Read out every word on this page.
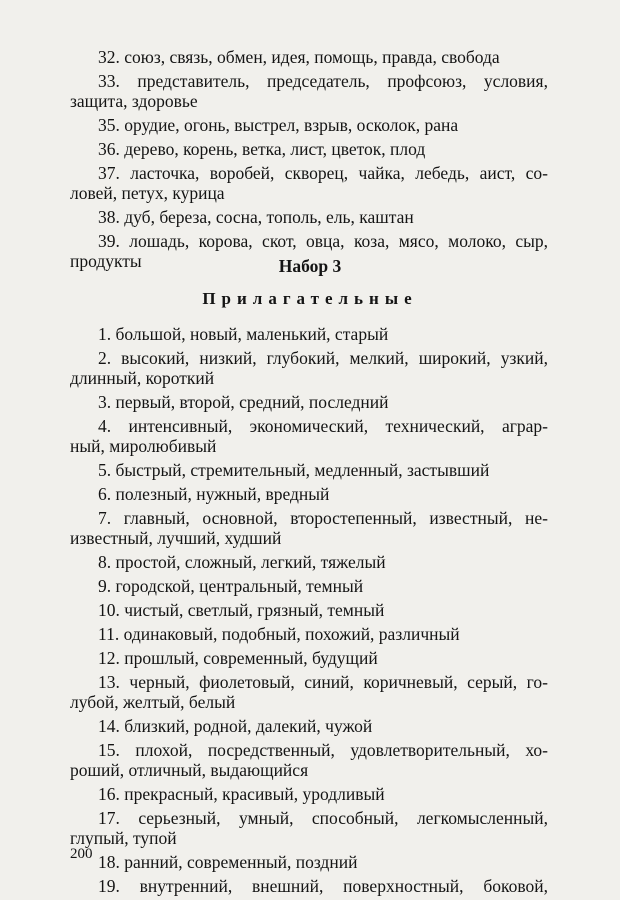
32. союз, связь, обмен, идея, помощь, правда, свобода
33. представитель, председатель, профсоюз, условия,
защита, здоровье
35. орудие, огонь, выстрел, взрыв, осколок, рана
36. дерево, корень, ветка, лист, цветок, плод
37. ласточка, воробей, скворец, чайка, лебедь, аист, со-
ловей, петух, курица
38. дуб, береза, сосна, тополь, ель, каштан
39. лошадь, корова, скот, овца, коза, мясо, молоко, сыр,
продукты	Набор 3
Прилагательные
1. большой, новый, маленький, старый
2. высокий, низкий, глубокий, мелкий, широкий, узкий,
длинный, короткий
3. первый, второй, средний, последний
4. интенсивный, экономический, технический, аграр-
ный, миролюбивый
5. быстрый, стремительный, медленный, застывший
6. полезный, нужный, вредный
7. главный, основной, второстепенный, известный, не-
известный, лучший, худший
8. простой, сложный, легкий, тяжелый
9. городской, центральный, темный
10. чистый, светлый, грязный, темный
11. одинаковый, подобный, похожий, различный
12. прошлый, современный, будущий
13. черный, фиолетовый, синий, коричневый, серый, го-
лубой, желтый, белый
14. близкий, родной, далекий, чужой
15. плохой, посредственный, удовлетворительный, хо-
роший, отличный, выдающийся
16. прекрасный, красивый, уродливый
17. серьезный, умный, способный, легкомысленный,
глупый, тупой
18. ранний, современный, поздний
19. внутренний, внешний, поверхностный, боковой,
200
